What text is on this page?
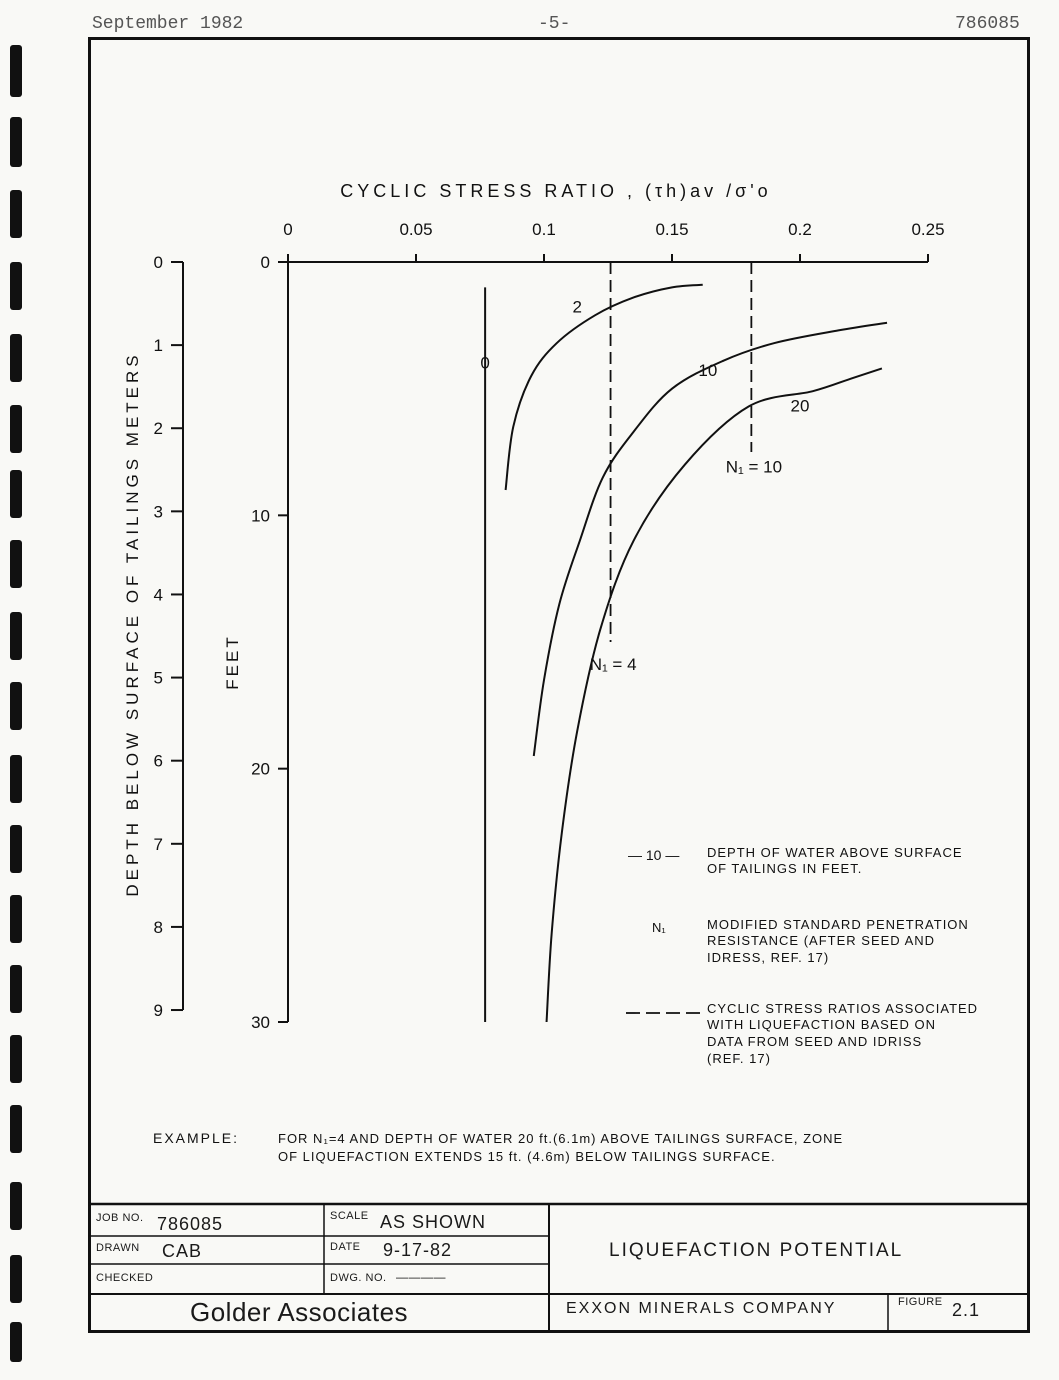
September 1982	-5-	786085
CYCLIC STRESS RATIO , (τh)av /σ'o
FEET
DEPTH BELOW SURFACE OF TAILINGS METERS
0	0.05	0.1	0.15	0.2	0.25
0
10
20
30
0
1
2
3
4
5
6
7
8
9
0
2
10
20
N₁ = 10
N₁ = 4
— 10 — DEPTH OF WATER ABOVE SURFACE
OF TAILINGS IN FEET.
N₁	MODIFIED STANDARD PENETRATION
RESISTANCE (AFTER SEED AND
IDRESS, REF. 17)
CYCLIC STRESS RATIOS ASSOCIATED
WITH LIQUEFACTION BASED ON
DATA FROM SEED AND IDRISS
(REF. 17)
EXAMPLE:	FOR N₁=4 AND DEPTH OF WATER 20 ft.(6.1m) ABOVE TAILINGS SURFACE, ZONE
OF LIQUEFACTION EXTENDS 15 ft. (4.6m) BELOW TAILINGS SURFACE.
JOB NO. 786085	SCALE AS SHOWN
DRAWN CAB	DATE 9-17-82
CHECKED	DWG. NO. ————
Golder Associates
LIQUEFACTION POTENTIAL
EXXON MINERALS COMPANY	FIGURE 2.1
